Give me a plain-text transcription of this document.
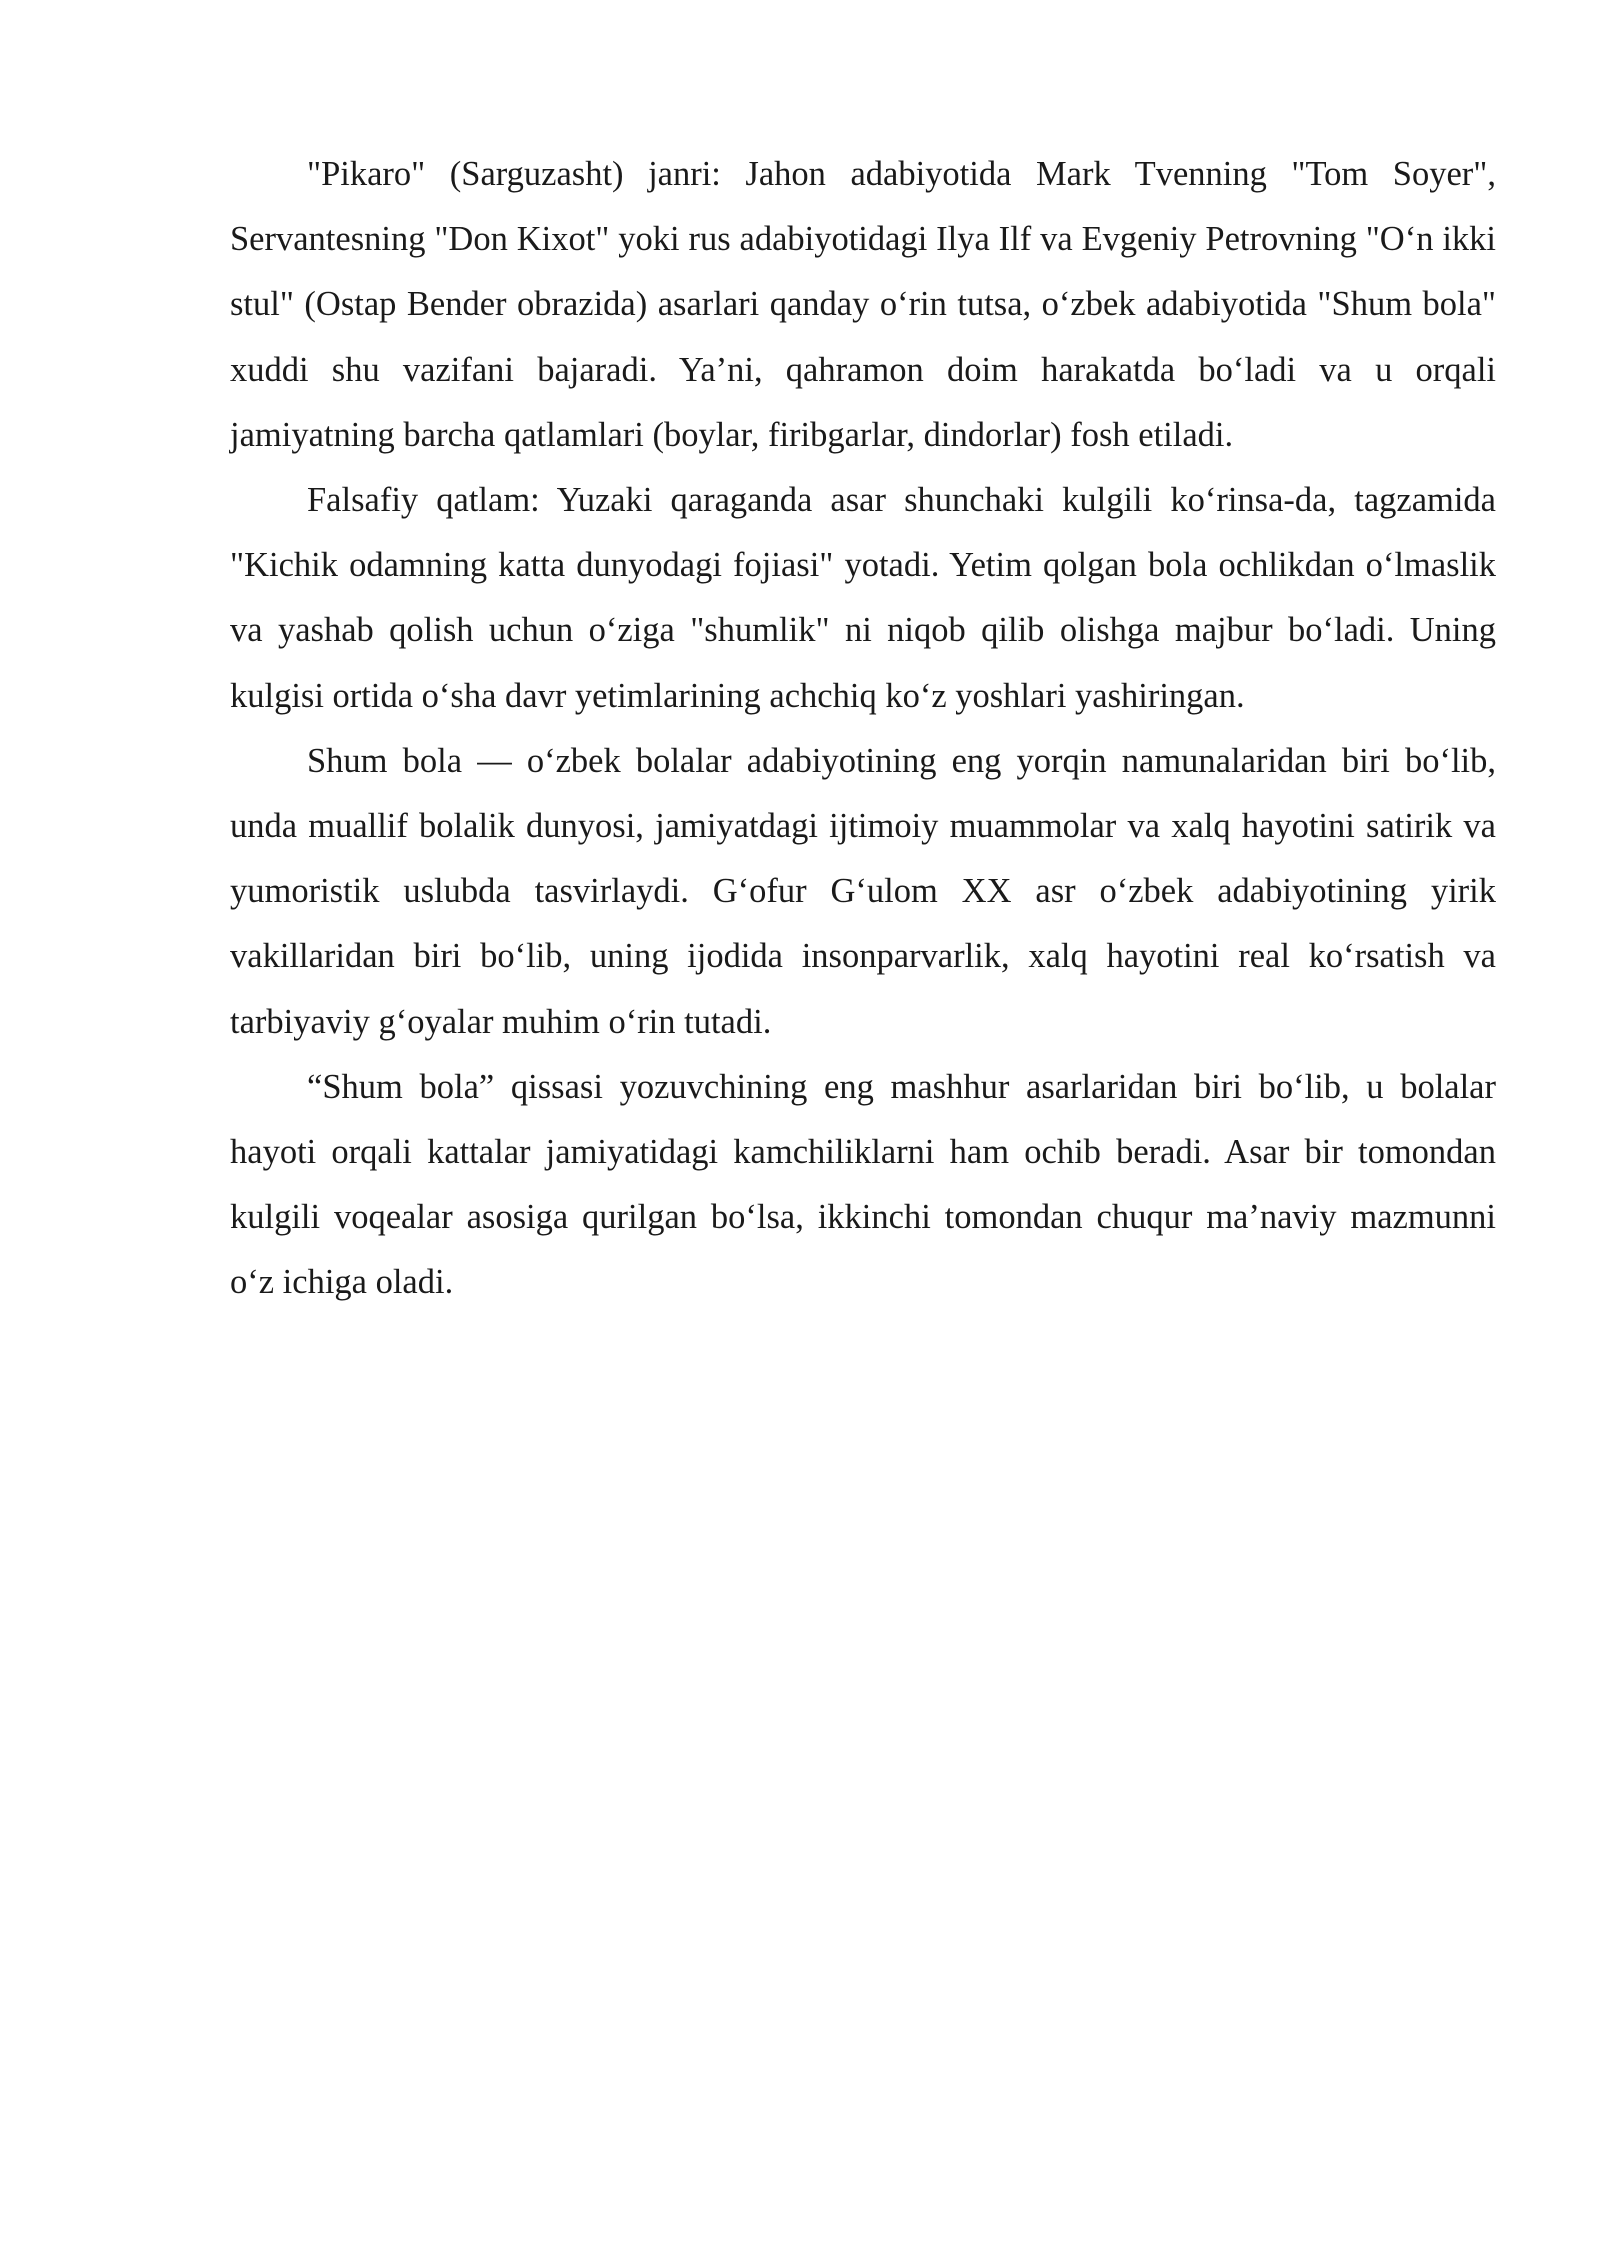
"Pikaro" (Sarguzasht) janri: Jahon adabiyotida Mark Tvenning "Tom Soyer", Servantesning "Don Kixot" yoki rus adabiyotidagi Ilya Ilf va Evgeniy Petrovning "O‘n ikki stul" (Ostap Bender obrazida) asarlari qanday o‘rin tutsa, o‘zbek adabiyotida "Shum bola" xuddi shu vazifani bajaradi. Ya’ni, qahramon doim harakatda bo‘ladi va u orqali jamiyatning barcha qatlamlari (boylar, firibgarlar, dindorlar) fosh etiladi.

Falsafiy qatlam: Yuzaki qaraganda asar shunchaki kulgili ko‘rinsa-da, tagzamida "Kichik odamning katta dunyodagi fojiasi" yotadi. Yetim qolgan bola ochlikdan o‘lmaslik va yashab qolish uchun o‘ziga "shumlik" ni niqob qilib olishga majbur bo‘ladi. Uning kulgisi ortida o‘sha davr yetimlarining achchiq ko‘z yoshlari yashiringan.

Shum bola — o‘zbek bolalar adabiyotining eng yorqin namunalaridan biri bo‘lib, unda muallif bolalik dunyosi, jamiyatdagi ijtimoiy muammolar va xalq hayotini satirik va yumoristik uslubda tasvirlaydi. G‘ofur G‘ulom XX asr o‘zbek adabiyotining yirik vakillaridan biri bo‘lib, uning ijodida insonparvarlik, xalq hayotini real ko‘rsatish va tarbiyaviy g‘oyalar muhim o‘rin tutadi.

“Shum bola” qissasi yozuvchining eng mashhur asarlaridan biri bo‘lib, u bolalar hayoti orqali kattalar jamiyatidagi kamchiliklarni ham ochib beradi. Asar bir tomondan kulgili voqealar asosiga qurilgan bo‘lsa, ikkinchi tomondan chuqur ma’naviy mazmunni o‘z ichiga oladi.
